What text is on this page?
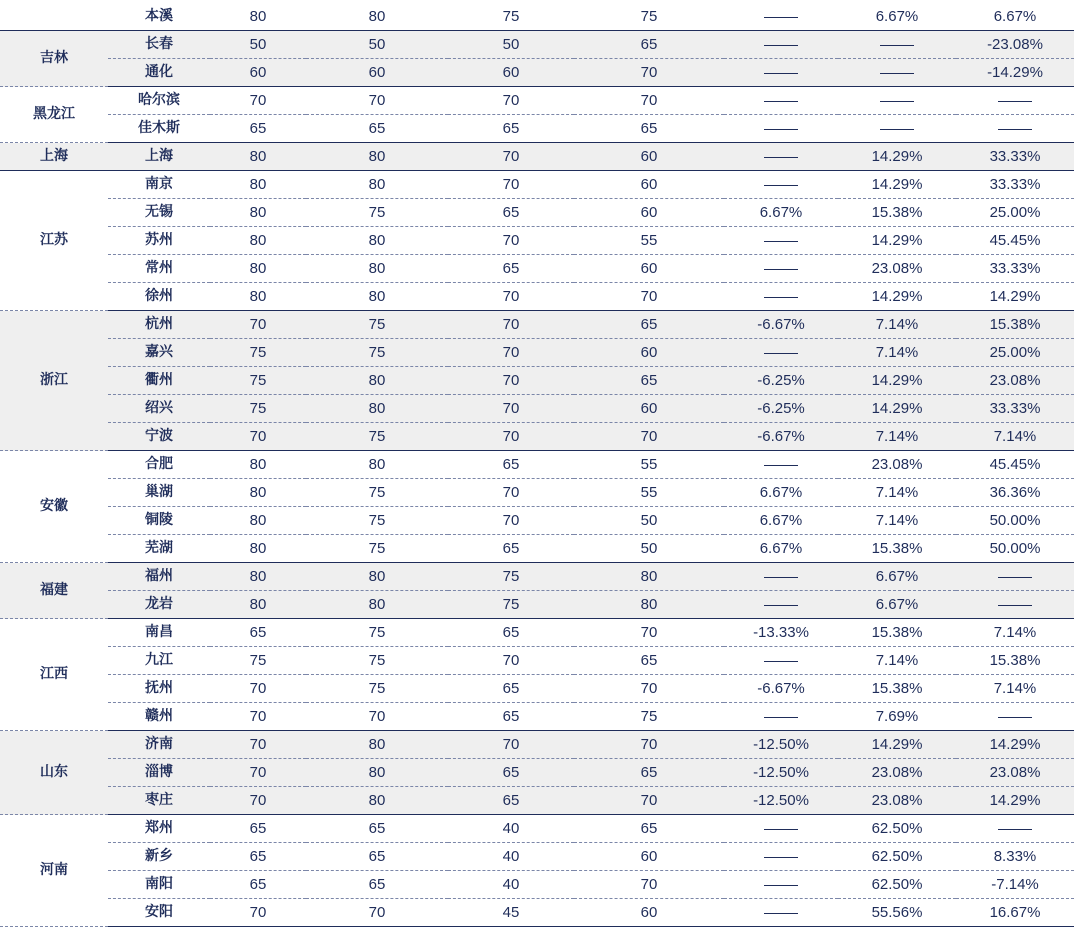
	本溪	80	80	75	75		6.67%	6.67%
吉林	长春	50	50	50	65			-23.08%
	通化	60	60	60	70			-14.29%
黑龙江	哈尔滨	70	70	70	70			
	佳木斯	65	65	65	65			
上海	上海	80	80	70	60		14.29%	33.33%
江苏	南京	80	80	70	60		14.29%	33.33%
	无锡	80	75	65	60	6.67%	15.38%	25.00%
	苏州	80	80	70	55		14.29%	45.45%
	常州	80	80	65	60		23.08%	33.33%
	徐州	80	80	70	70		14.29%	14.29%
浙江	杭州	70	75	70	65	-6.67%	7.14%	15.38%
	嘉兴	75	75	70	60		7.14%	25.00%
	衢州	75	80	70	65	-6.25%	14.29%	23.08%
	绍兴	75	80	70	60	-6.25%	14.29%	33.33%
	宁波	70	75	70	70	-6.67%	7.14%	7.14%
安徽	合肥	80	80	65	55		23.08%	45.45%
	巢湖	80	75	70	55	6.67%	7.14%	36.36%
	铜陵	80	75	70	50	6.67%	7.14%	50.00%
	芜湖	80	75	65	50	6.67%	15.38%	50.00%
福建	福州	80	80	75	80		6.67%	
	龙岩	80	80	75	80		6.67%	
江西	南昌	65	75	65	70	-13.33%	15.38%	7.14%
	九江	75	75	70	65		7.14%	15.38%
	抚州	70	75	65	70	-6.67%	15.38%	7.14%
	赣州	70	70	65	75		7.69%	
山东	济南	70	80	70	70	-12.50%	14.29%	14.29%
	淄博	70	80	65	65	-12.50%	23.08%	23.08%
	枣庄	70	80	65	70	-12.50%	23.08%	14.29%
河南	郑州	65	65	40	65		62.50%	
	新乡	65	65	40	60		62.50%	8.33%
	南阳	65	65	40	70		62.50%	-7.14%
	安阳	70	70	45	60		55.56%	16.67%
